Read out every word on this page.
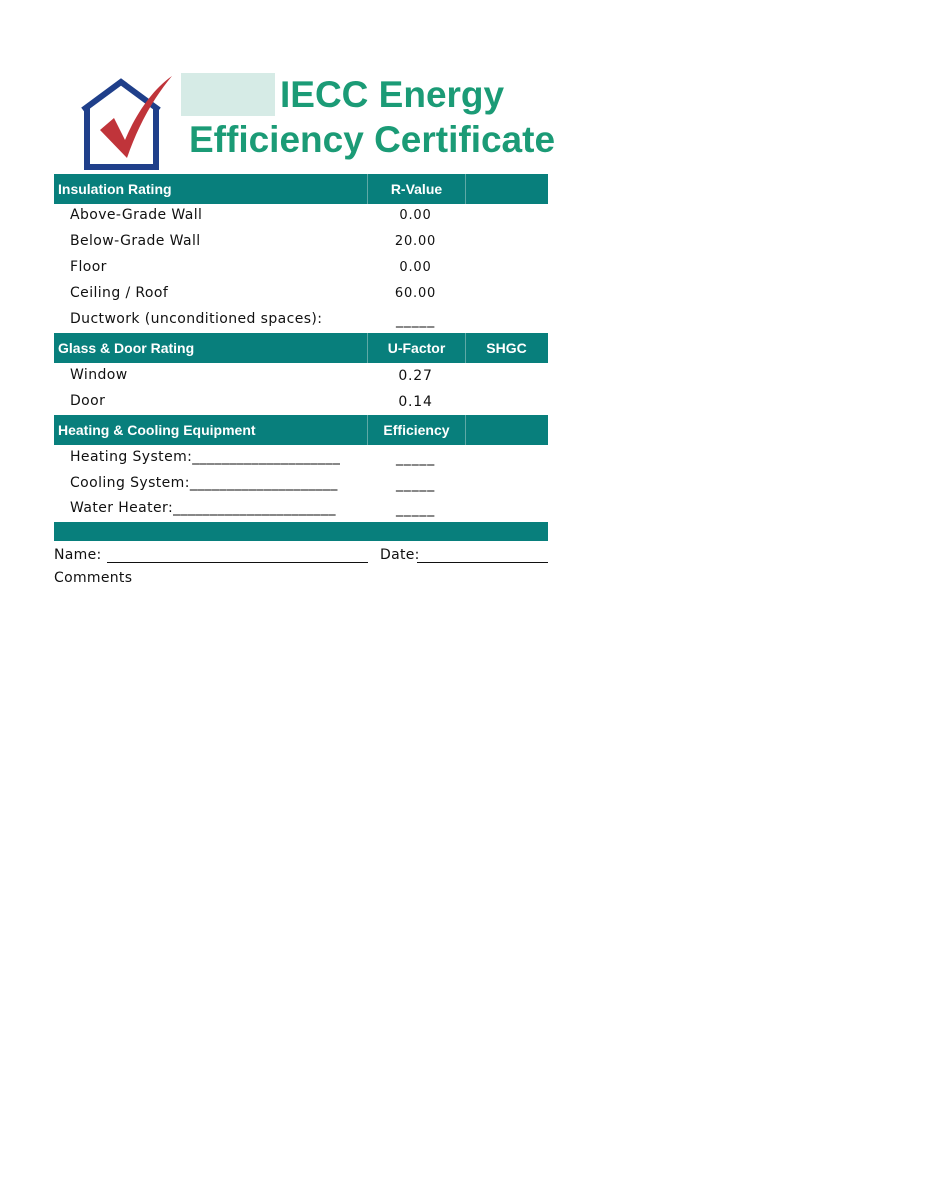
IECC Energy
Efficiency Certificate
Insulation Rating	R-Value
Above-Grade Wall	0.00
Below-Grade Wall	20.00
Floor	0.00
Ceiling / Roof	60.00
Ductwork (unconditioned spaces):	_____
Glass & Door Rating	U-Factor	SHGC
Window	0.27
Door	0.14
Heating & Cooling Equipment	Efficiency
Heating System:____________________	_____
Cooling System:____________________	_____
Water Heater:______________________	_____
Name:	Date:
Comments
